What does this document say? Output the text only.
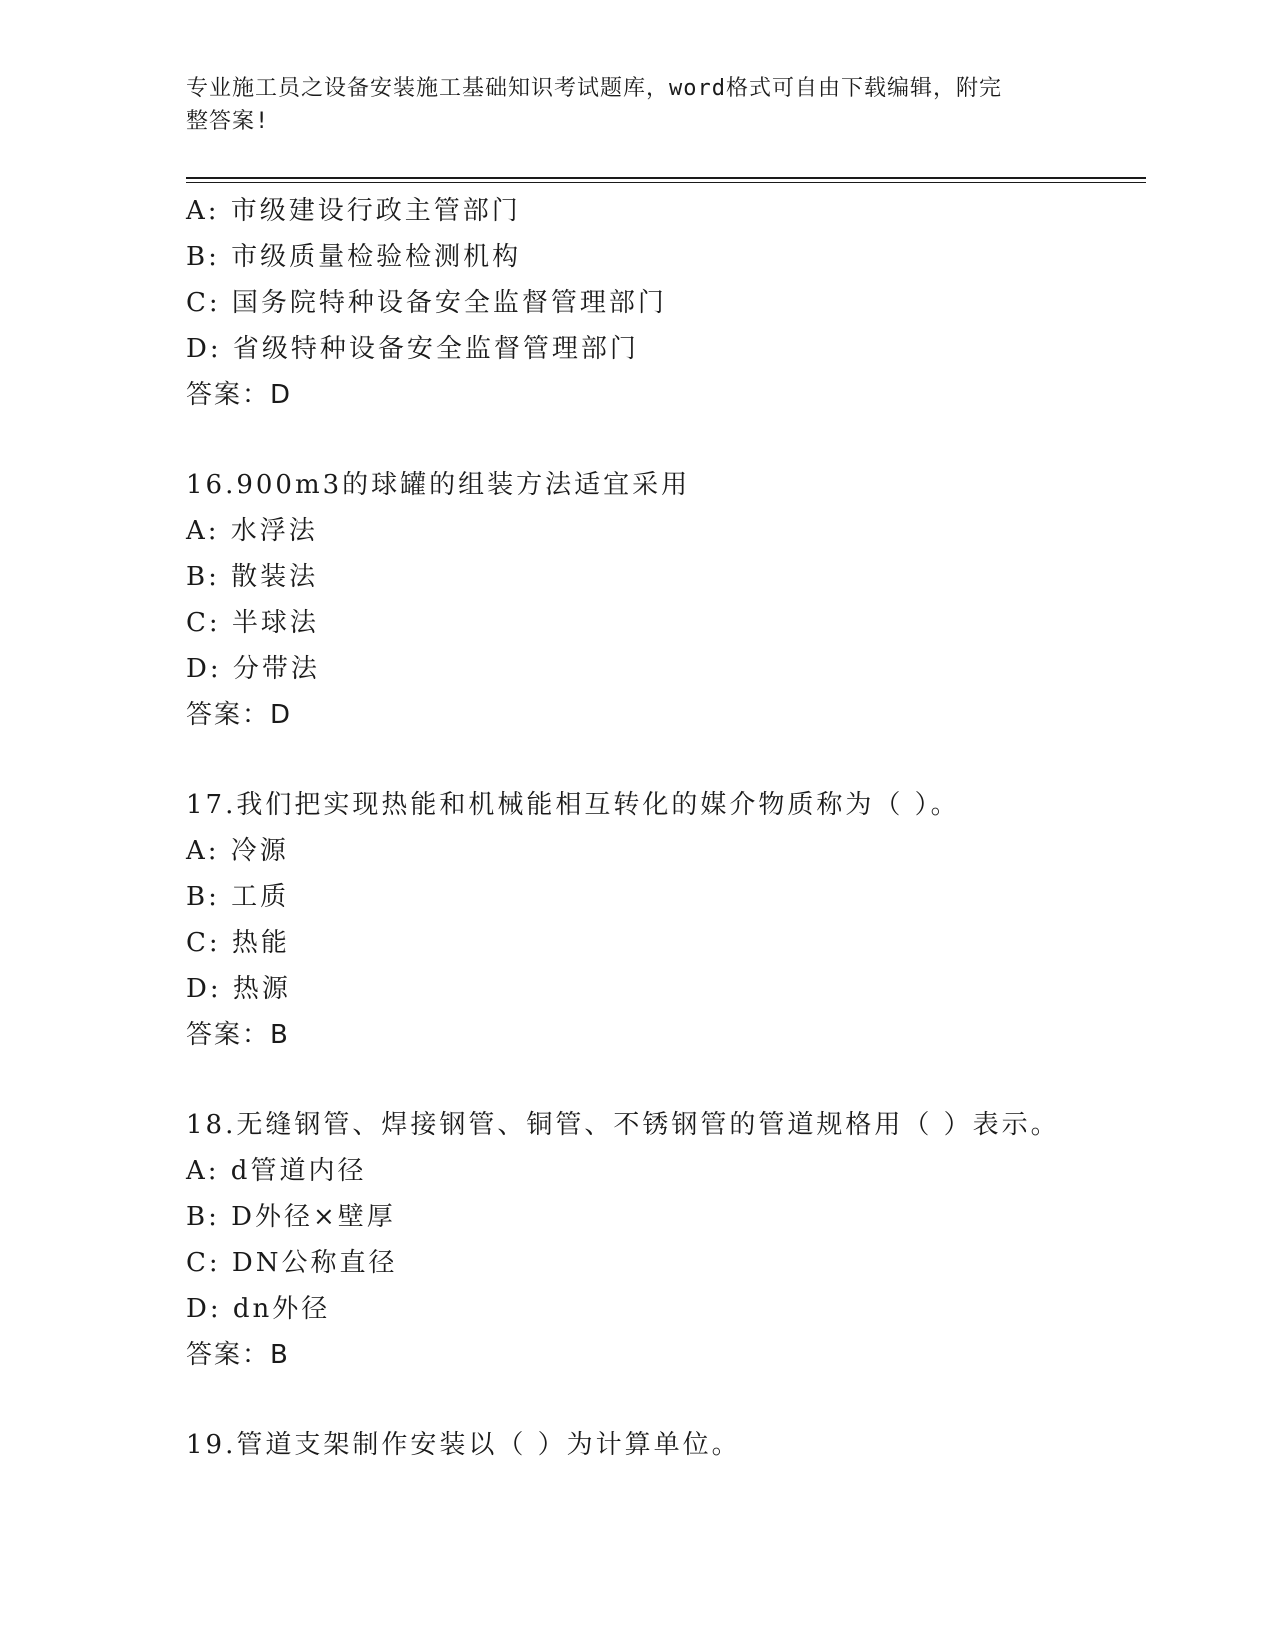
专业施工员之设备安装施工基础知识考试题库，word格式可自由下载编辑，附完
整答案!
A: 市级建设行政主管部门
B: 市级质量检验检测机构
C: 国务院特种设备安全监督管理部门
D: 省级特种设备安全监督管理部门
答案：D
16.900m3的球罐的组装方法适宜采用
A: 水浮法
B: 散装法
C: 半球法
D: 分带法
答案：D
17.我们把实现热能和机械能相互转化的媒介物质称为（ ）。
A: 冷源
B: 工质
C: 热能
D: 热源
答案：B
18.无缝钢管、焊接钢管、铜管、不锈钢管的管道规格用（ ）表示。
A: d管道内径
B: D外径×壁厚
C: DN公称直径
D: dn外径
答案：B
19.管道支架制作安装以（ ）为计算单位。
